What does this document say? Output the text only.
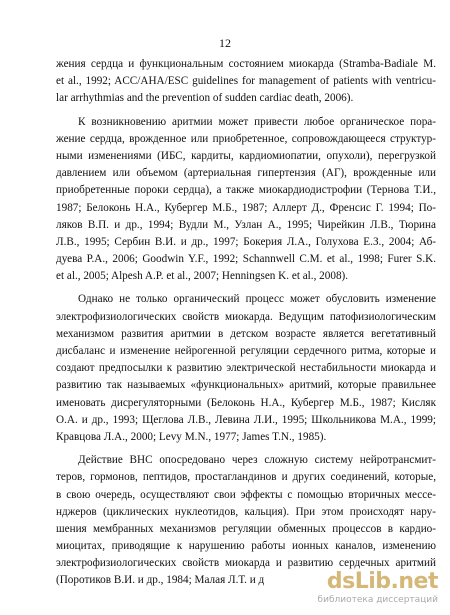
12
жения сердца и функциональным состоянием миокарда (Stramba-Badiale M.
et al., 1992; ACC/AHA/ESC guidelines for management of patients with ventricu-
lar arrhythmias and the prevention of sudden cardiac death, 2006).
К возникновению аритмии может привести любое органическое пора-
жение сердца, врожденное или приобретенное, сопровождающееся структур-
ными изменениями (ИБС, кардиты, кардиомиопатии, опухоли), перегрузкой
давлением или объемом (артериальная гипертензия (АГ), врожденные или
приобретенные пороки сердца), а также миокардиодистрофии (Тернова Т.И.,
1987; Белоконь Н.А., Кубергер М.Б., 1987; Аллерт Д., Френсис Г. 1994; По-
ляков В.П. и др., 1994; Вудли М., Узлан А., 1995; Чирейкин Л.В., Тюрина
Л.В., 1995; Сербин В.И. и др., 1997; Бокерия Л.А., Голухова Е.З., 2004; Аб-
дуева Р.А., 2006; Goodwin Y.F., 1992; Schannwell C.M. et al., 1998; Furer S.K.
et al., 2005; Alpesh A.P. et al., 2007; Henningsen K. et al., 2008).
Однако не только органический процесс может обусловить изменение
электрофизиологических свойств миокарда. Ведущим патофизиологическим
механизмом развития аритмии в детском возрасте является вегетативный
дисбаланс и изменение нейрогенной регуляции сердечного ритма, которые и
создают предпосылки к развитию электрической нестабильности миокарда и
развитию так называемых «функциональных» аритмий, которые правильнее
именовать дисрегуляторными (Белоконь Н.А., Кубергер М.Б., 1987; Кисляк
О.А. и др., 1993; Щеглова Л.В., Левина Л.И., 1995; Школьникова М.А., 1999;
Кравцова Л.А., 2000; Levy M.N., 1977; James T.N., 1985).
Действие ВНС опосредовано через сложную систему нейротрансмит-
теров, гормонов, пептидов, простагландинов и других соединений, которые,
в свою очередь, осуществляют свои эффекты с помощью вторичных мессе-
нджеров (циклических нуклеотидов, кальция). При этом происходят нару-
шения мембранных механизмов регуляции обменных процессов в кардио-
миоцитах, приводящие к нарушению работы ионных каналов, изменению
электрофизиологических свойств миокарда и развитию сердечных аритмий
(Поротиков В.И. и др., 1984; Малая Л.Т. и д	dsLib.net
библиотека диссертаций
